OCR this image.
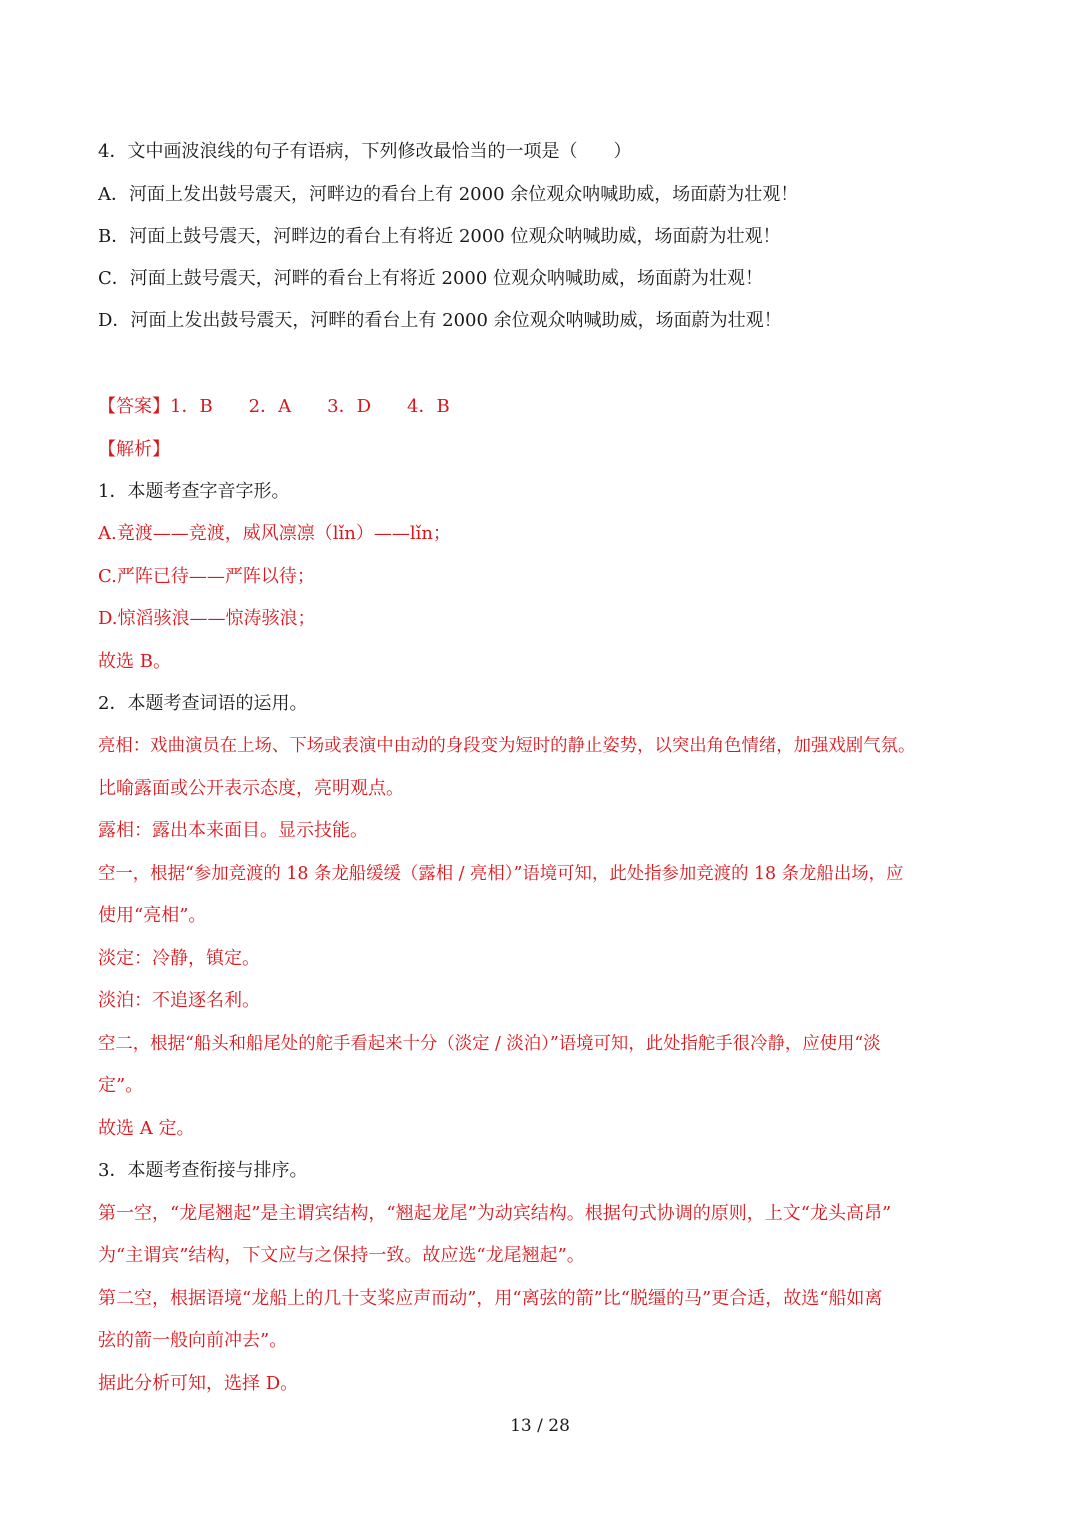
4．文中画波浪线的句子有语病，下列修改最恰当的一项是（　　）
A．河面上发出鼓号震天，河畔边的看台上有 2000 余位观众呐喊助威，场面蔚为壮观！
B．河面上鼓号震天，河畔边的看台上有将近 2000 位观众呐喊助威，场面蔚为壮观！
C．河面上鼓号震天，河畔的看台上有将近 2000 位观众呐喊助威，场面蔚为壮观！
D．河面上发出鼓号震天，河畔的看台上有 2000 余位观众呐喊助威，场面蔚为壮观！
【答案】1．B　　2．A　　3．D　　4．B
【解析】
1．本题考查字音字形。
A.竟渡——竞渡，威风凛凛（lǐn）——lǐn；
C.严阵已待——严阵以待；
D.惊滔骇浪——惊涛骇浪；
故选 B。
2．本题考查词语的运用。
亮相：戏曲演员在上场、下场或表演中由动的身段变为短时的静止姿势，以突出角色情绪，加强戏剧气氛。
比喻露面或公开表示态度，亮明观点。
露相：露出本来面目。显示技能。
空一，根据“参加竞渡的 18 条龙船缓缓（露相 / 亮相）”语境可知，此处指参加竞渡的 18 条龙船出场，应
使用“亮相”。
淡定：冷静，镇定。
淡泊：不追逐名利。
空二，根据“船头和船尾处的舵手看起来十分（淡定 / 淡泊）”语境可知，此处指舵手很冷静，应使用“淡
定”。
故选 A 定。
3．本题考查衔接与排序。
第一空，“龙尾翘起”是主谓宾结构，“翘起龙尾”为动宾结构。根据句式协调的原则，上文“龙头高昂”
为“主谓宾”结构，下文应与之保持一致。故应选“龙尾翘起”。
第二空，根据语境“龙船上的几十支桨应声而动”，用“离弦的箭”比“脱缰的马”更合适，故选“船如离
弦的箭一般向前冲去”。
据此分析可知，选择 D。
13 / 28
